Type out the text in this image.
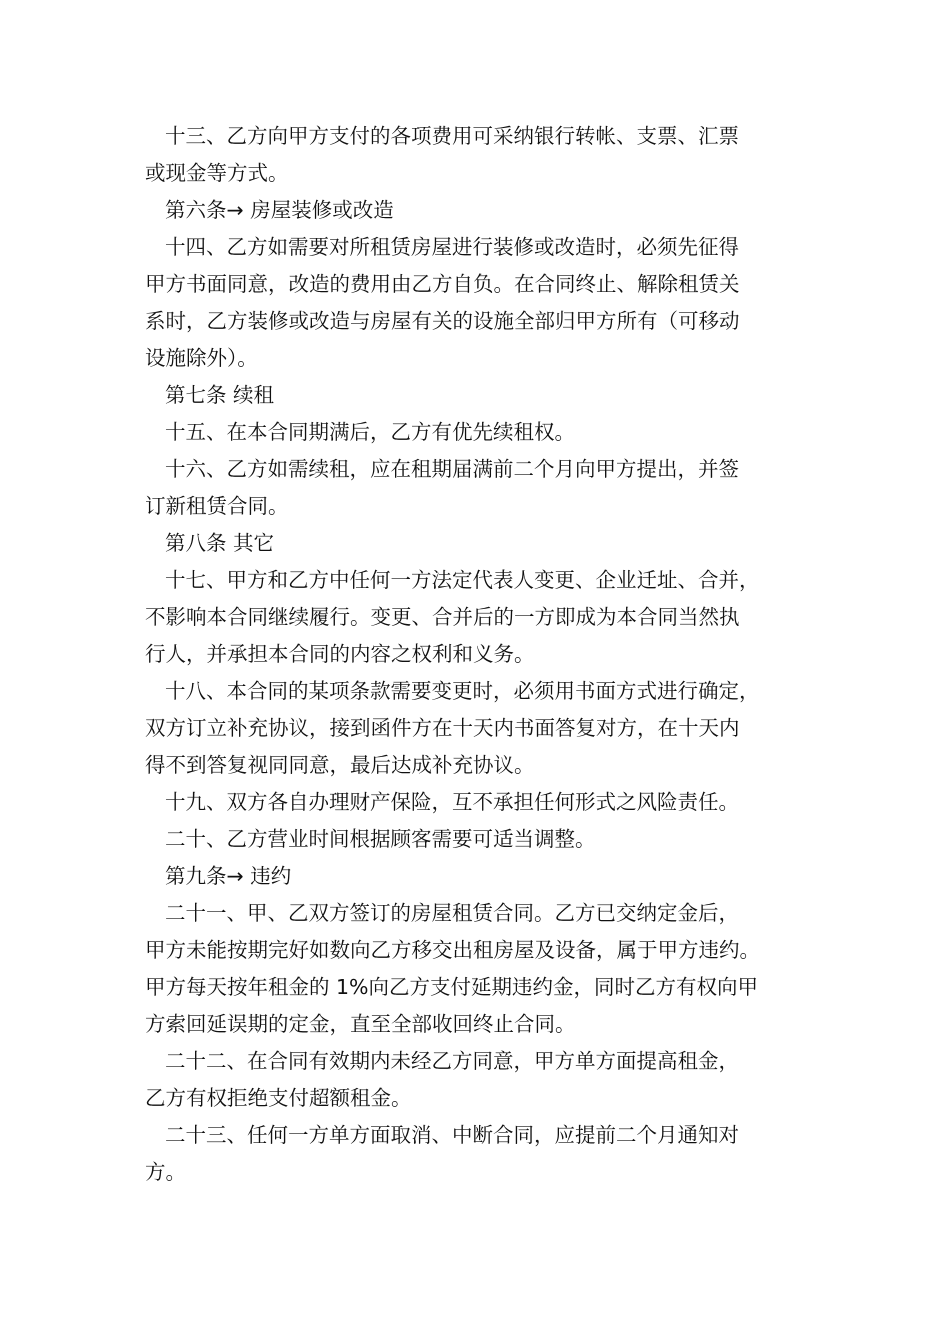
十三、乙方向甲方支付的各项费用可采纳银行转帐、支票、汇票
或现金等方式。
第六条→ 房屋装修或改造
十四、乙方如需要对所租赁房屋进行装修或改造时，必须先征得
甲方书面同意，改造的费用由乙方自负。在合同终止、解除租赁关
系时，乙方装修或改造与房屋有关的设施全部归甲方所有（可移动
设施除外）。
第七条 续租
十五、在本合同期满后，乙方有优先续租权。
十六、乙方如需续租，应在租期届满前二个月向甲方提出，并签
订新租赁合同。
第八条 其它
十七、甲方和乙方中任何一方法定代表人变更、企业迁址、合并，
不影响本合同继续履行。变更、合并后的一方即成为本合同当然执
行人，并承担本合同的内容之权利和义务。
十八、本合同的某项条款需要变更时，必须用书面方式进行确定，
双方订立补充协议，接到函件方在十天内书面答复对方，在十天内
得不到答复视同同意，最后达成补充协议。
十九、双方各自办理财产保险，互不承担任何形式之风险责任。
二十、乙方营业时间根据顾客需要可适当调整。
第九条→ 违约
二十一、甲、乙双方签订的房屋租赁合同。乙方已交纳定金后，
甲方未能按期完好如数向乙方移交出租房屋及设备，属于甲方违约。
甲方每天按年租金的 1%向乙方支付延期违约金，同时乙方有权向甲
方索回延误期的定金，直至全部收回终止合同。
二十二、在合同有效期内未经乙方同意，甲方单方面提高租金，
乙方有权拒绝支付超额租金。
二十三、任何一方单方面取消、中断合同，应提前二个月通知对
方。
